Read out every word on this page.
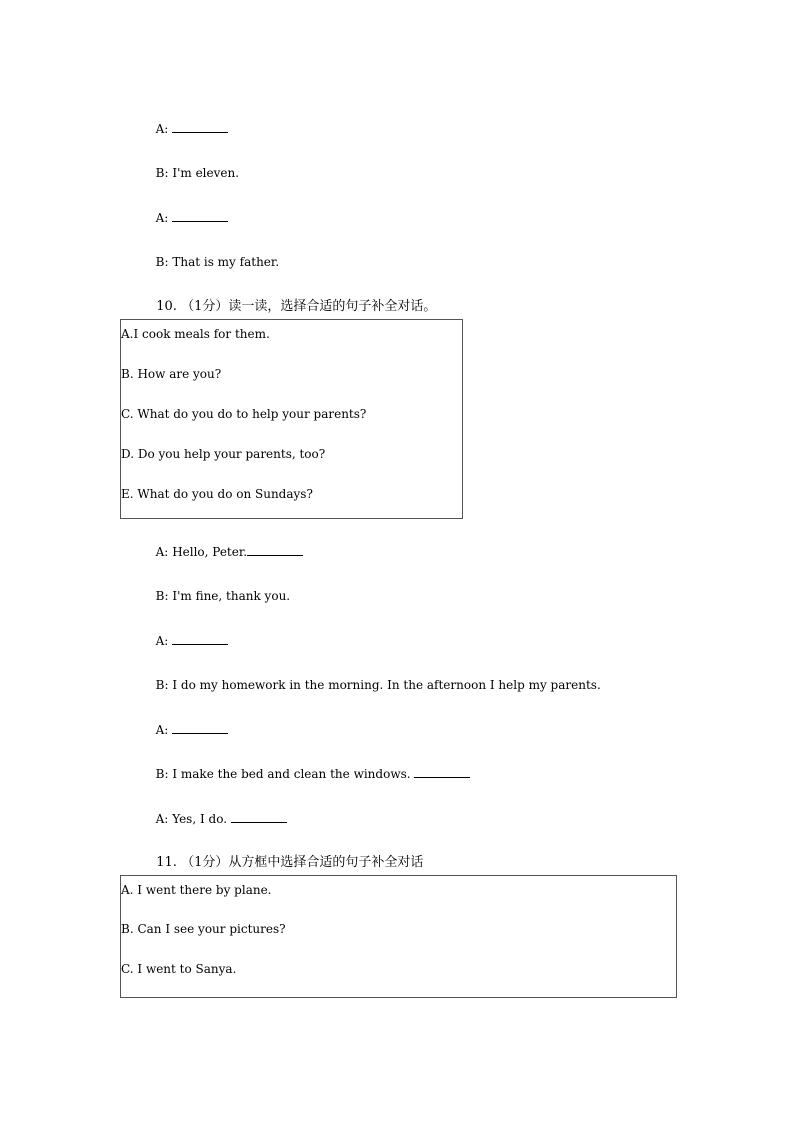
A:

B: I'm eleven.

A:

B: That is my father.

10. （1分）读一读，选择合适的句子补全对话。

A.I cook meals for them.
B. How are you?
C. What do you do to help your parents?
D. Do you help your parents, too?
E. What do you do on Sundays?

A: Hello, Peter.

B: I'm fine, thank you.

A:

B: I do my homework in the morning. In the afternoon I help my parents.

A:

B: I make the bed and clean the windows.

A: Yes, I do.

11. （1分）从方框中选择合适的句子补全对话

A. I went there by plane.
B. Can I see your pictures?
C. I went to Sanya.
